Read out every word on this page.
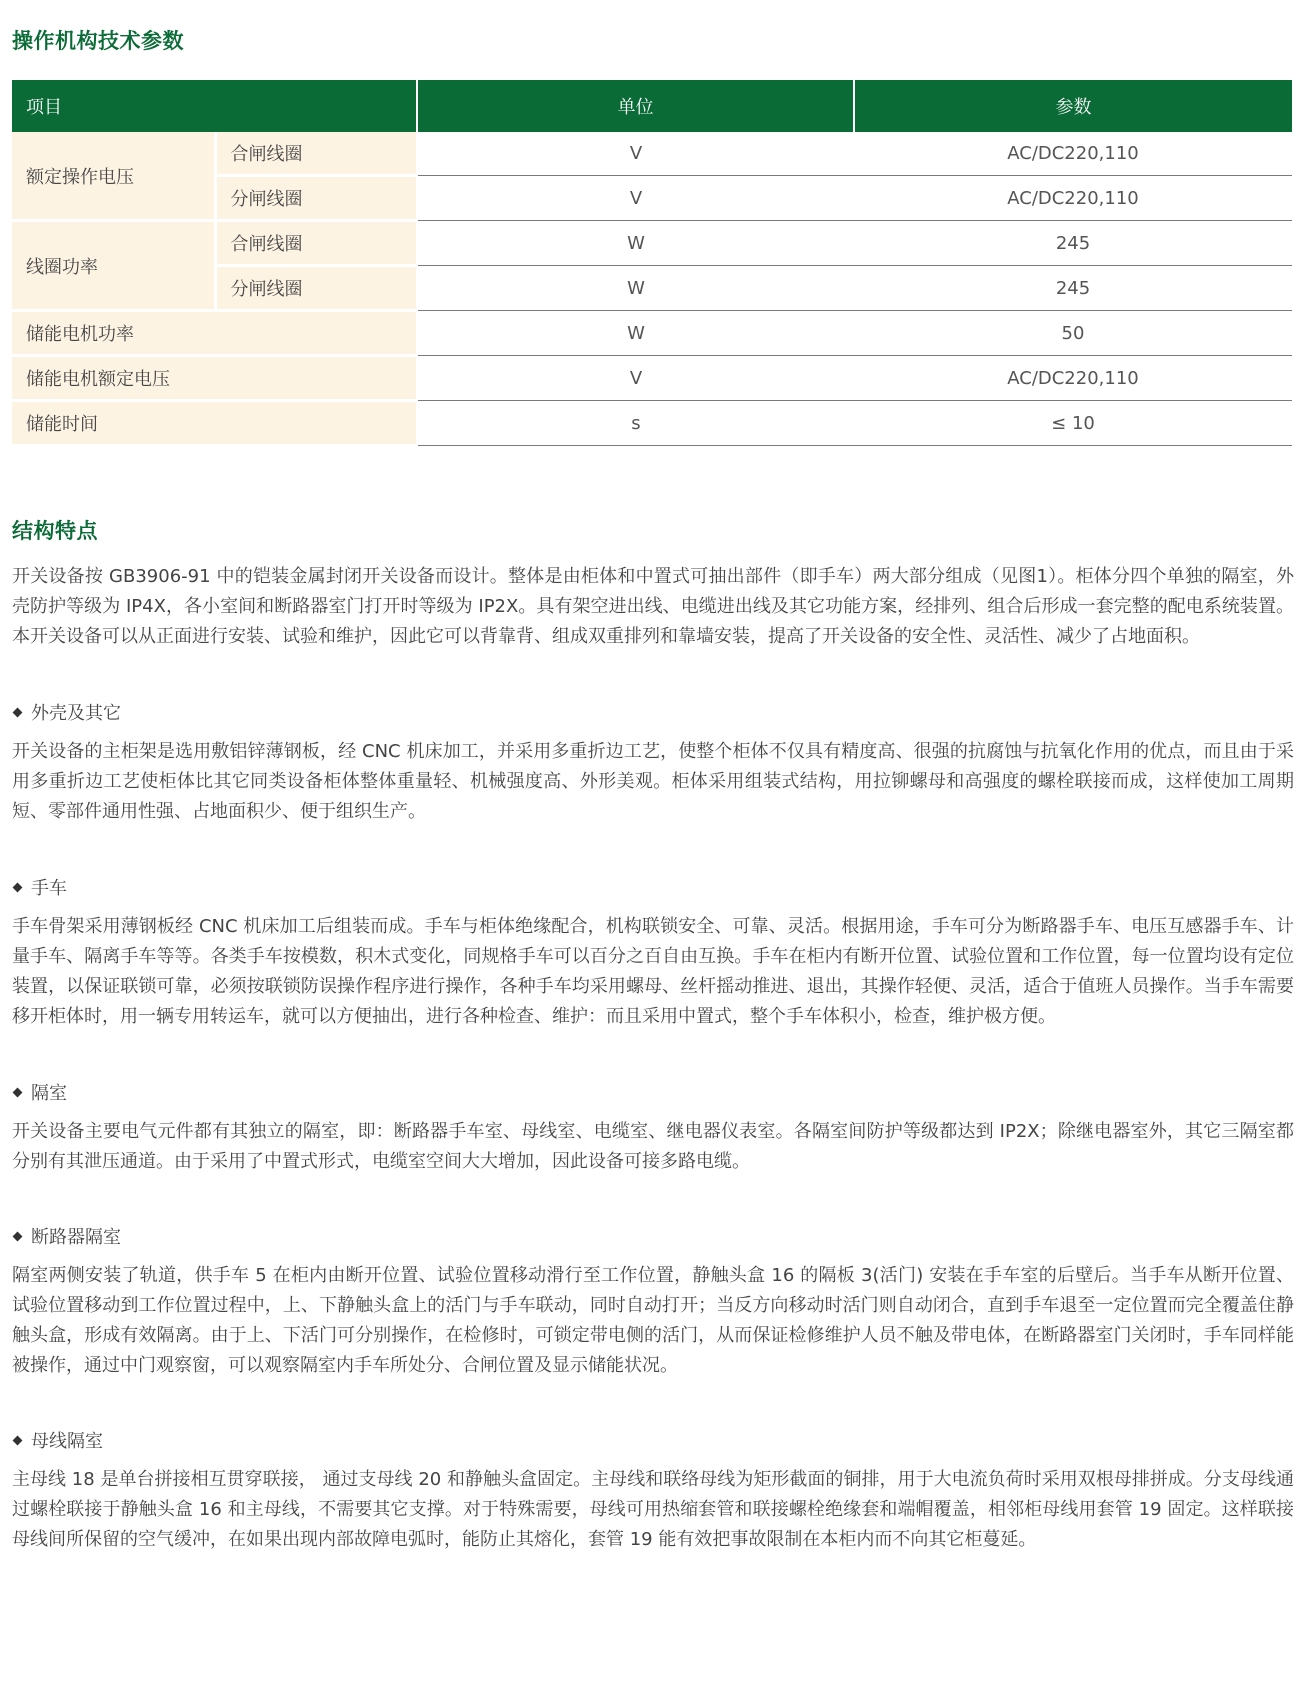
操作机构技术参数
项目		单位	参数
额定操作电压	合闸线圈	V	AC/DC220,110
	分闸线圈	V	AC/DC220,110
线圈功率	合闸线圈	W	245
	分闸线圈	W	245
储能电机功率		W	50
储能电机额定电压		V	AC/DC220,110
储能时间		s	≤ 10
结构特点

开关设备按 GB3906-91 中的铠装金属封闭开关设备而设计。整体是由柜体和中置式可抽出部件（即手车）两大部分组成（见图1）。柜体分四个单独的隔室，外壳防护等级为 IP4X，各小室间和断路器室门打开时等级为 IP2X。具有架空进出线、电缆进出线及其它功能方案，经排列、组合后形成一套完整的配电系统装置。本开关设备可以从正面进行安装、试验和维护，因此它可以背靠背、组成双重排列和靠墙安装，提高了开关设备的安全性、灵活性、减少了占地面积。

外壳及其它

开关设备的主柜架是选用敷铝锌薄钢板，经 CNC 机床加工，并采用多重折边工艺，使整个柜体不仅具有精度高、很强的抗腐蚀与抗氧化作用的优点，而且由于采用多重折边工艺使柜体比其它同类设备柜体整体重量轻、机械强度高、外形美观。柜体采用组装式结构，用拉铆螺母和高强度的螺栓联接而成，这样使加工周期短、零部件通用性强、占地面积少、便于组织生产。

手车

手车骨架采用薄钢板经 CNC 机床加工后组装而成。手车与柜体绝缘配合，机构联锁安全、可靠、灵活。根据用途，手车可分为断路器手车、电压互感器手车、计量手车、隔离手车等等。各类手车按模数，积木式变化，同规格手车可以百分之百自由互换。手车在柜内有断开位置、试验位置和工作位置，每一位置均设有定位装置，以保证联锁可靠，必须按联锁防误操作程序进行操作，各种手车均采用螺母、丝杆摇动推进、退出，其操作轻便、灵活，适合于值班人员操作。当手车需要移开柜体时，用一辆专用转运车，就可以方便抽出，进行各种检查、维护：而且采用中置式，整个手车体积小，检查，维护极方便。

隔室

开关设备主要电气元件都有其独立的隔室，即：断路器手车室、母线室、电缆室、继电器仪表室。各隔室间防护等级都达到 IP2X；除继电器室外，其它三隔室都分别有其泄压通道。由于采用了中置式形式，电缆室空间大大增加，因此设备可接多路电缆。

断路器隔室

隔室两侧安装了轨道，供手车 5 在柜内由断开位置、试验位置移动滑行至工作位置，静触头盒 16 的隔板 3(活门) 安装在手车室的后壁后。当手车从断开位置、试验位置移动到工作位置过程中，上、下静触头盒上的活门与手车联动，同时自动打开；当反方向移动时活门则自动闭合，直到手车退至一定位置而完全覆盖住静触头盒，形成有效隔离。由于上、下活门可分别操作，在检修时，可锁定带电侧的活门，从而保证检修维护人员不触及带电体，在断路器室门关闭时，手车同样能被操作，通过中门观察窗，可以观察隔室内手车所处分、合闸位置及显示储能状况。

母线隔室

主母线 18 是单台拼接相互贯穿联接， 通过支母线 20 和静触头盒固定。主母线和联络母线为矩形截面的铜排，用于大电流负荷时采用双根母排拼成。分支母线通过螺栓联接于静触头盒 16 和主母线，不需要其它支撑。对于特殊需要，母线可用热缩套管和联接螺栓绝缘套和端帽覆盖，相邻柜母线用套管 19 固定。这样联接母线间所保留的空气缓冲，在如果出现内部故障电弧时，能防止其熔化，套管 19 能有效把事故限制在本柜内而不向其它柜蔓延。
